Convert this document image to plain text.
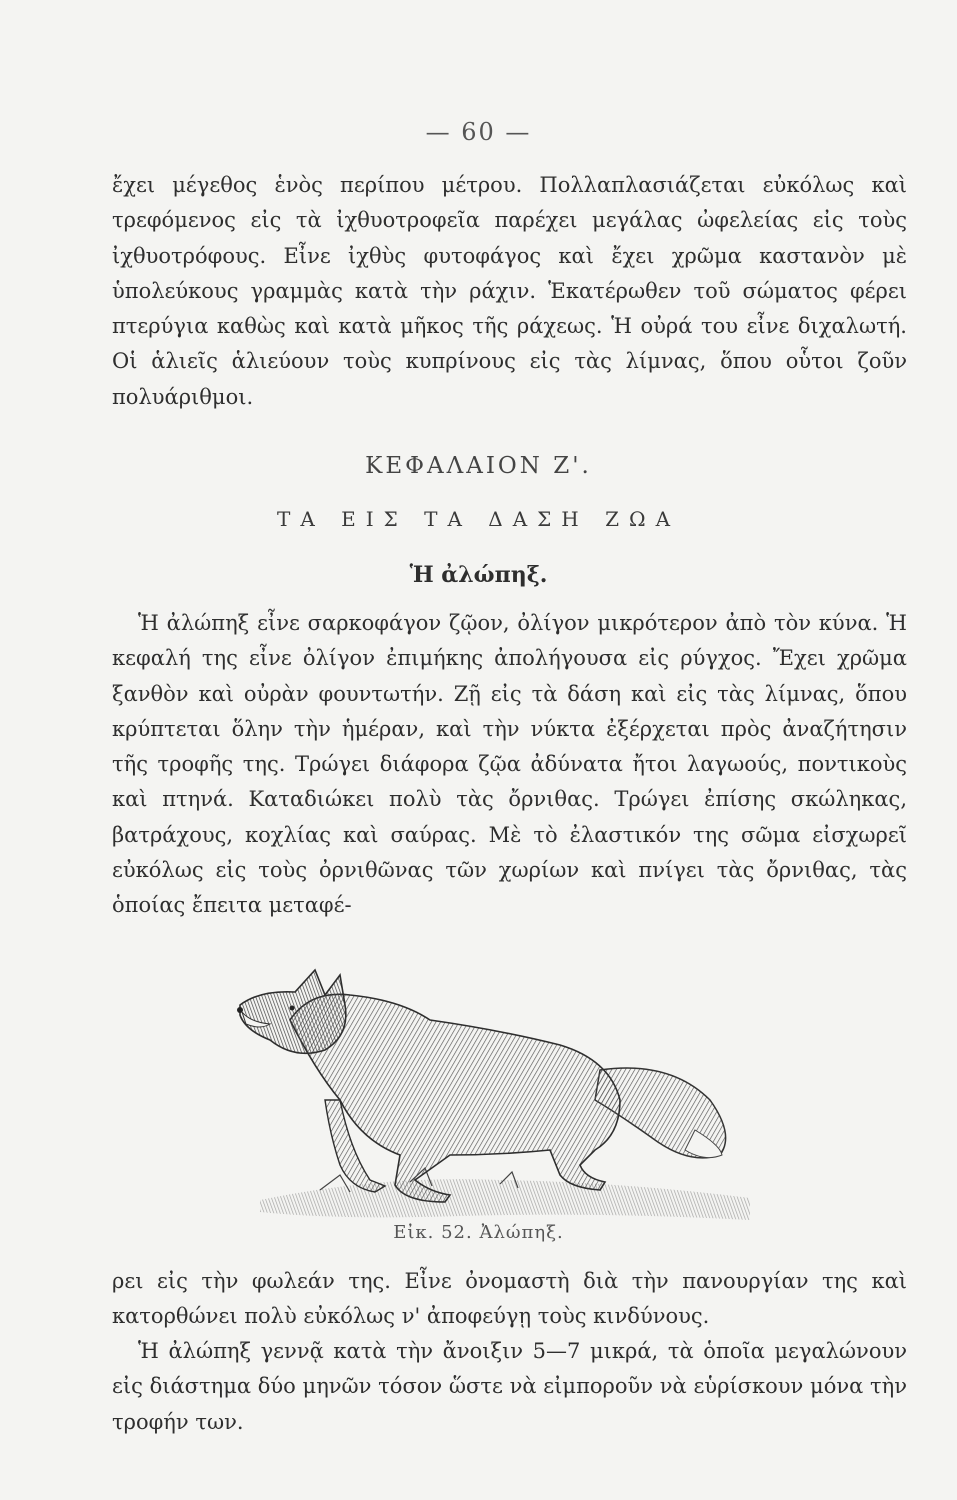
— 60 —

ἔχει μέγεθος ἑνὸς περίπου μέτρου. Πολλαπλασιάζεται εὐκόλως καὶ τρεφόμενος εἰς τὰ ἰχθυοτροφεῖα παρέχει μεγάλας ὠφελείας εἰς τοὺς ἰχθυοτρόφους. Εἶνε ἰχθὺς φυτοφάγος καὶ ἔχει χρῶμα καστανὸν μὲ ὑπολεύκους γραμμὰς κατὰ τὴν ράχιν. Ἑκατέρωθεν τοῦ σώματος φέρει πτερύγια καθὼς καὶ κατὰ μῆκος τῆς ράχεως. Ἡ οὐρά του εἶνε διχαλωτή. Οἱ ἁλιεῖς ἁλιεύουν τοὺς κυπρίνους εἰς τὰς λίμνας, ὅπου οὗτοι ζοῦν πολυάριθμοι.

ΚΕΦΑΛΑΙΟΝ Ζ'.
ΤΑ ΕΙΣ ΤΑ ΔΑΣΗ ΖΩΑ
Ἡ ἀλώπηξ.

Ἡ ἀλώπηξ εἶνε σαρκοφάγον ζῷον, ὀλίγον μικρότερον ἀπὸ τὸν κύνα. Ἡ κεφαλή της εἶνε ὀλίγον ἐπιμήκης ἀπολήγουσα εἰς ρύγχος. Ἔχει χρῶμα ξανθὸν καὶ οὐρὰν φουντωτήν. Ζῇ εἰς τὰ δάση καὶ εἰς τὰς λίμνας, ὅπου κρύπτεται ὅλην τὴν ἡμέραν, καὶ τὴν νύκτα ἐξέρχεται πρὸς ἀναζήτησιν τῆς τροφῆς της. Τρώγει διάφορα ζῷα ἀδύνατα ἤτοι λαγωούς, ποντικοὺς καὶ πτηνά. Καταδιώκει πολὺ τὰς ὄρνιθας. Τρώγει ἐπίσης σκώληκας, βατράχους, κοχλίας καὶ σαύρας. Μὲ τὸ ἐλαστικόν της σῶμα εἰσχωρεῖ εὐκόλως εἰς τοὺς ὀρνιθῶνας τῶν χωρίων καὶ πνίγει τὰς ὄρνιθας, τὰς ὁποίας ἔπειτα μεταφέ-

Εἰκ. 52. Ἀλώπηξ.

ρει εἰς τὴν φωλεάν της. Εἶνε ὀνομαστὴ διὰ τὴν πανουργίαν της καὶ κατορθώνει πολὺ εὐκόλως ν' ἀποφεύγῃ τοὺς κινδύνους.

Ἡ ἀλώπηξ γεννᾷ κατὰ τὴν ἄνοιξιν 5—7 μικρά, τὰ ὁποῖα μεγαλώνουν εἰς διάστημα δύο μηνῶν τόσον ὥστε νὰ εἰμποροῦν νὰ εὑρίσκουν μόνα τὴν τροφήν των.
